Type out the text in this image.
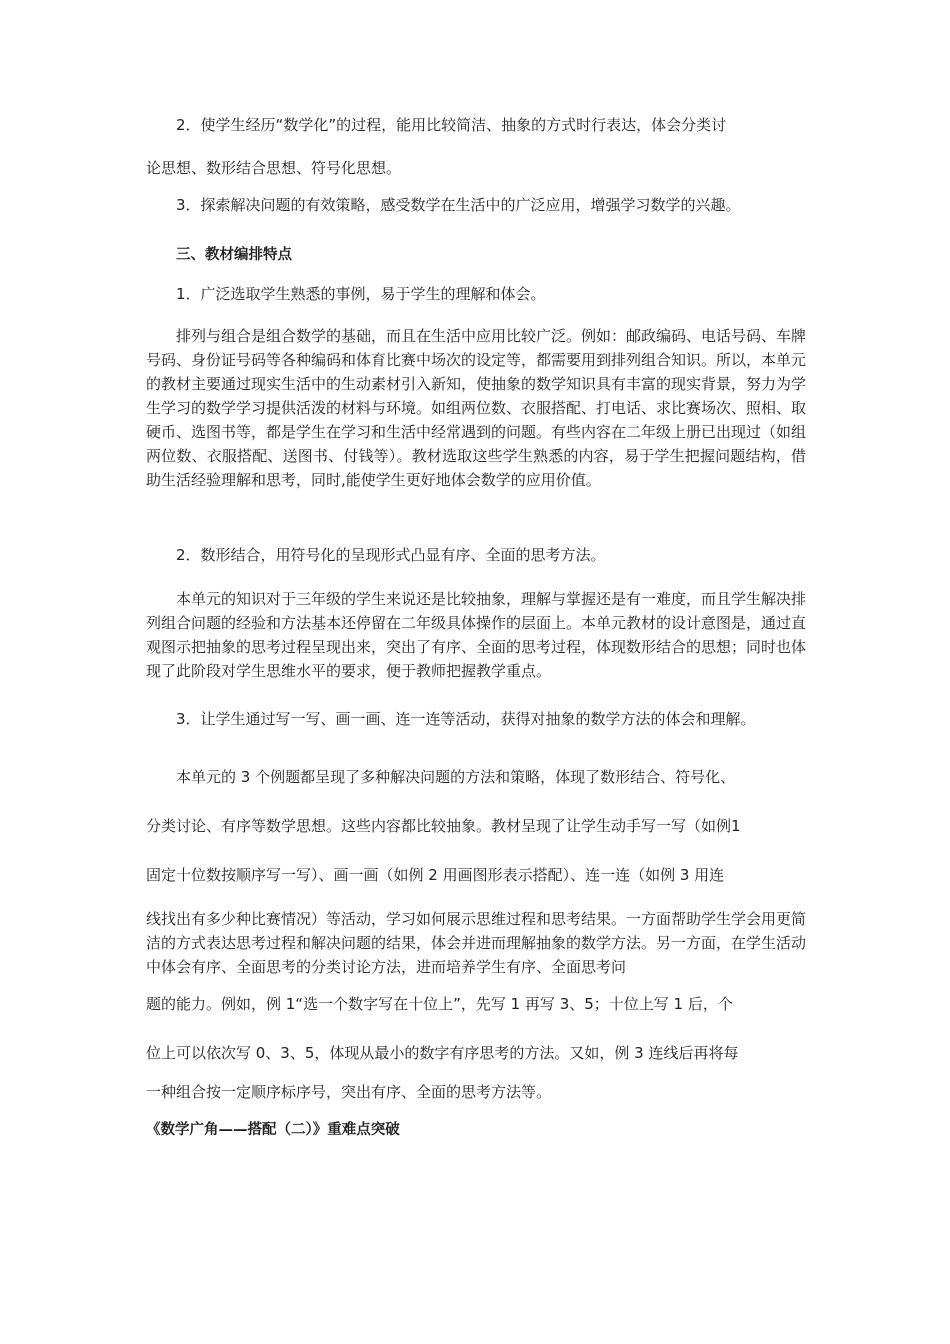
2．使学生经历“数学化”的过程，能用比较简洁、抽象的方式时行表达，体会分类讨
论思想、数形结合思想、符号化思想。
3．探索解决问题的有效策略，感受数学在生活中的广泛应用，增强学习数学的兴趣。
三、教材编排特点
1．广泛选取学生熟悉的事例，易于学生的理解和体会。
排列与组合是组合数学的基础，而且在生活中应用比较广泛。例如：邮政编码、电话号码、车牌号码、身份证号码等各种编码和体育比赛中场次的设定等，都需要用到排列组合知识。所以，本单元的教材主要通过现实生活中的生动素材引入新知，使抽象的数学知识具有丰富的现实背景，努力为学生学习的数学学习提供活泼的材料与环境。如组两位数、衣服搭配、打电话、求比赛场次、照相、取硬币、选图书等，都是学生在学习和生活中经常遇到的问题。有些内容在二年级上册已出现过（如组两位数、衣服搭配、送图书、付钱等）。教材选取这些学生熟悉的内容，易于学生把握问题结构，借助生活经验理解和思考，同时,能使学生更好地体会数学的应用价值。
2．数形结合，用符号化的呈现形式凸显有序、全面的思考方法。
本单元的知识对于三年级的学生来说还是比较抽象，理解与掌握还是有一难度，而且学生解决排列组合问题的经验和方法基本还停留在二年级具体操作的层面上。本单元教材的设计意图是，通过直观图示把抽象的思考过程呈现出来，突出了有序、全面的思考过程，体现数形结合的思想；同时也体现了此阶段对学生思维水平的要求，便于教师把握教学重点。
3．让学生通过写一写、画一画、连一连等活动，获得对抽象的数学方法的体会和理解。
本单元的 3 个例题都呈现了多种解决问题的方法和策略，体现了数形结合、符号化、
分类讨论、有序等数学思想。这些内容都比较抽象。教材呈现了让学生动手写一写（如例1
固定十位数按顺序写一写）、画一画（如例 2 用画图形表示搭配）、连一连（如例 3 用连
线找出有多少种比赛情况）等活动，学习如何展示思维过程和思考结果。一方面帮助学生学会用更简洁的方式表达思考过程和解决问题的结果，体会并进而理解抽象的数学方法。另一方面，在学生活动中体会有序、全面思考的分类讨论方法，进而培养学生有序、全面思考问
题的能力。例如，例 1“选一个数字写在十位上”，先写 1 再写 3、5；十位上写 1 后，个
位上可以依次写 0、3、5，体现从最小的数字有序思考的方法。又如，例 3 连线后再将每
一种组合按一定顺序标序号，突出有序、全面的思考方法等。
《数学广角——搭配（二）》重难点突破
